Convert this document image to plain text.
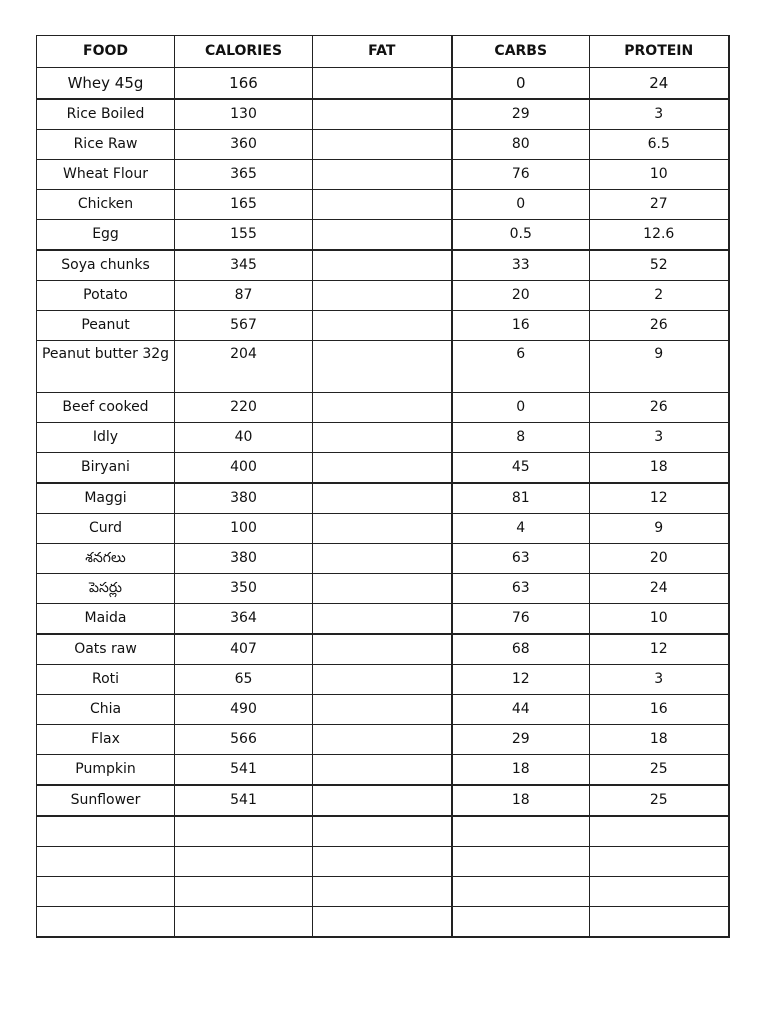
FOOD	CALORIES	FAT	CARBS	PROTEIN
Whey 45g	166		0	24
Rice Boiled	130		29	3
Rice Raw	360		80	6.5
Wheat Flour	365		76	10
Chicken	165		0	27
Egg	155		0.5	12.6
Soya chunks	345		33	52
Potato	87		20	2
Peanut	567		16	26
Peanut butter 32g	204		6	9
Beef cooked	220		0	26
Idly	40		8	3
Biryani	400		45	18
Maggi	380		81	12
Curd	100		4	9
శనగలు	380		63	20
పెసర్లు	350		63	24
Maida	364		76	10
Oats raw	407		68	12
Roti	65		12	3
Chia	490		44	16
Flax	566		29	18
Pumpkin	541		18	25
Sunflower	541		18	25
